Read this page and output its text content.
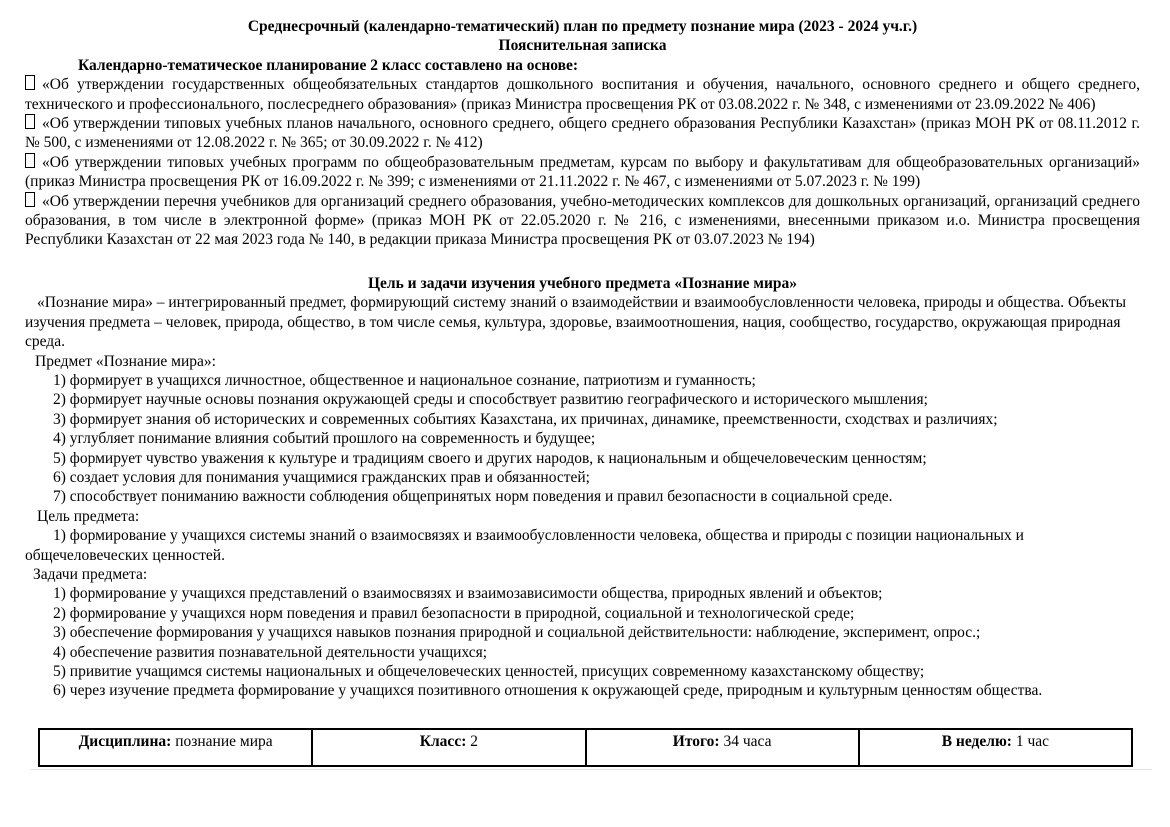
Среднесрочный (календарно-тематический) план по предмету познание мира (2023 - 2024 уч.г.)
Пояснительная записка

Календарно-тематическое планирование 2 класс составлено на основе:

«Об утверждении государственных общеобязательных стандартов дошкольного воспитания и обучения, начального, основного среднего и общего среднего, технического и профессионального, послесреднего образования» (приказ Министра просвещения РК от 03.08.2022 г. № 348, с изменениями от 23.09.2022 № 406)

«Об утверждении типовых учебных планов начального, основного среднего, общего среднего образования Республики Казахстан» (приказ МОН РК от 08.11.2012 г. № 500, с изменениями от 12.08.2022 г. № 365; от 30.09.2022 г. № 412)

«Об утверждении типовых учебных программ по общеобразовательным предметам, курсам по выбору и факультативам для общеобразовательных организаций» (приказ Министра просвещения РК от 16.09.2022 г. № 399; с изменениями от 21.11.2022 г. № 467, с изменениями от 5.07.2023 г. № 199)

«Об утверждении перечня учебников для организаций среднего образования, учебно-методических комплексов для дошкольных организаций, организаций среднего образования, в том числе в электронной форме» (приказ МОН РК от 22.05.2020 г. № 216, с изменениями, внесенными приказом и.о. Министра просвещения Республики Казахстан от 22 мая 2023 года № 140, в редакции приказа Министра просвещения РК от 03.07.2023 № 194)

Цель и задачи изучения учебного предмета «Познание мира»

«Познание мира» – интегрированный предмет, формирующий систему знаний о взаимодействии и взаимообусловленности человека, природы и общества. Объекты изучения предмета – человек, природа, общество, в том числе семья, культура, здоровье, взаимоотношения, нация, сообщество, государство, окружающая природная среда.

Предмет «Познание мира»:

1) формирует в учащихся личностное, общественное и национальное сознание, патриотизм и гуманность;

2) формирует научные основы познания окружающей среды и способствует развитию географического и исторического мышления;

3) формирует знания об исторических и современных событиях Казахстана, их причинах, динамике, преемственности, сходствах и различиях;

4) углубляет понимание влияния событий прошлого на современность и будущее;

5) формирует чувство уважения к культуре и традициям своего и других народов, к национальным и общечеловеческим ценностям;

6) создает условия для понимания учащимися гражданских прав и обязанностей;

7) способствует пониманию важности соблюдения общепринятых норм поведения и правил безопасности в социальной среде.

Цель предмета:

1) формирование у учащихся системы знаний о взаимосвязях и взаимообусловленности человека, общества и природы с позиции национальных и общечеловеческих ценностей.

Задачи предмета:

1) формирование у учащихся представлений о взаимосвязях и взаимозависимости общества, природных явлений и объектов;

2) формирование у учащихся норм поведения и правил безопасности в природной, социальной и технологической среде;

3) обеспечение формирования у учащихся навыков познания природной и социальной действительности: наблюдение, эксперимент, опрос.;

4) обеспечение развития познавательной деятельности учащихся;

5) привитие учащимся системы национальных и общечеловеческих ценностей, присущих современному казахстанскому обществу;

6) через изучение предмета формирование у учащихся позитивного отношения к окружающей среде, природным и культурным ценностям общества.

Дисциплина: познание мира	Класс: 2	Итого: 34 часа	В неделю: 1 час
